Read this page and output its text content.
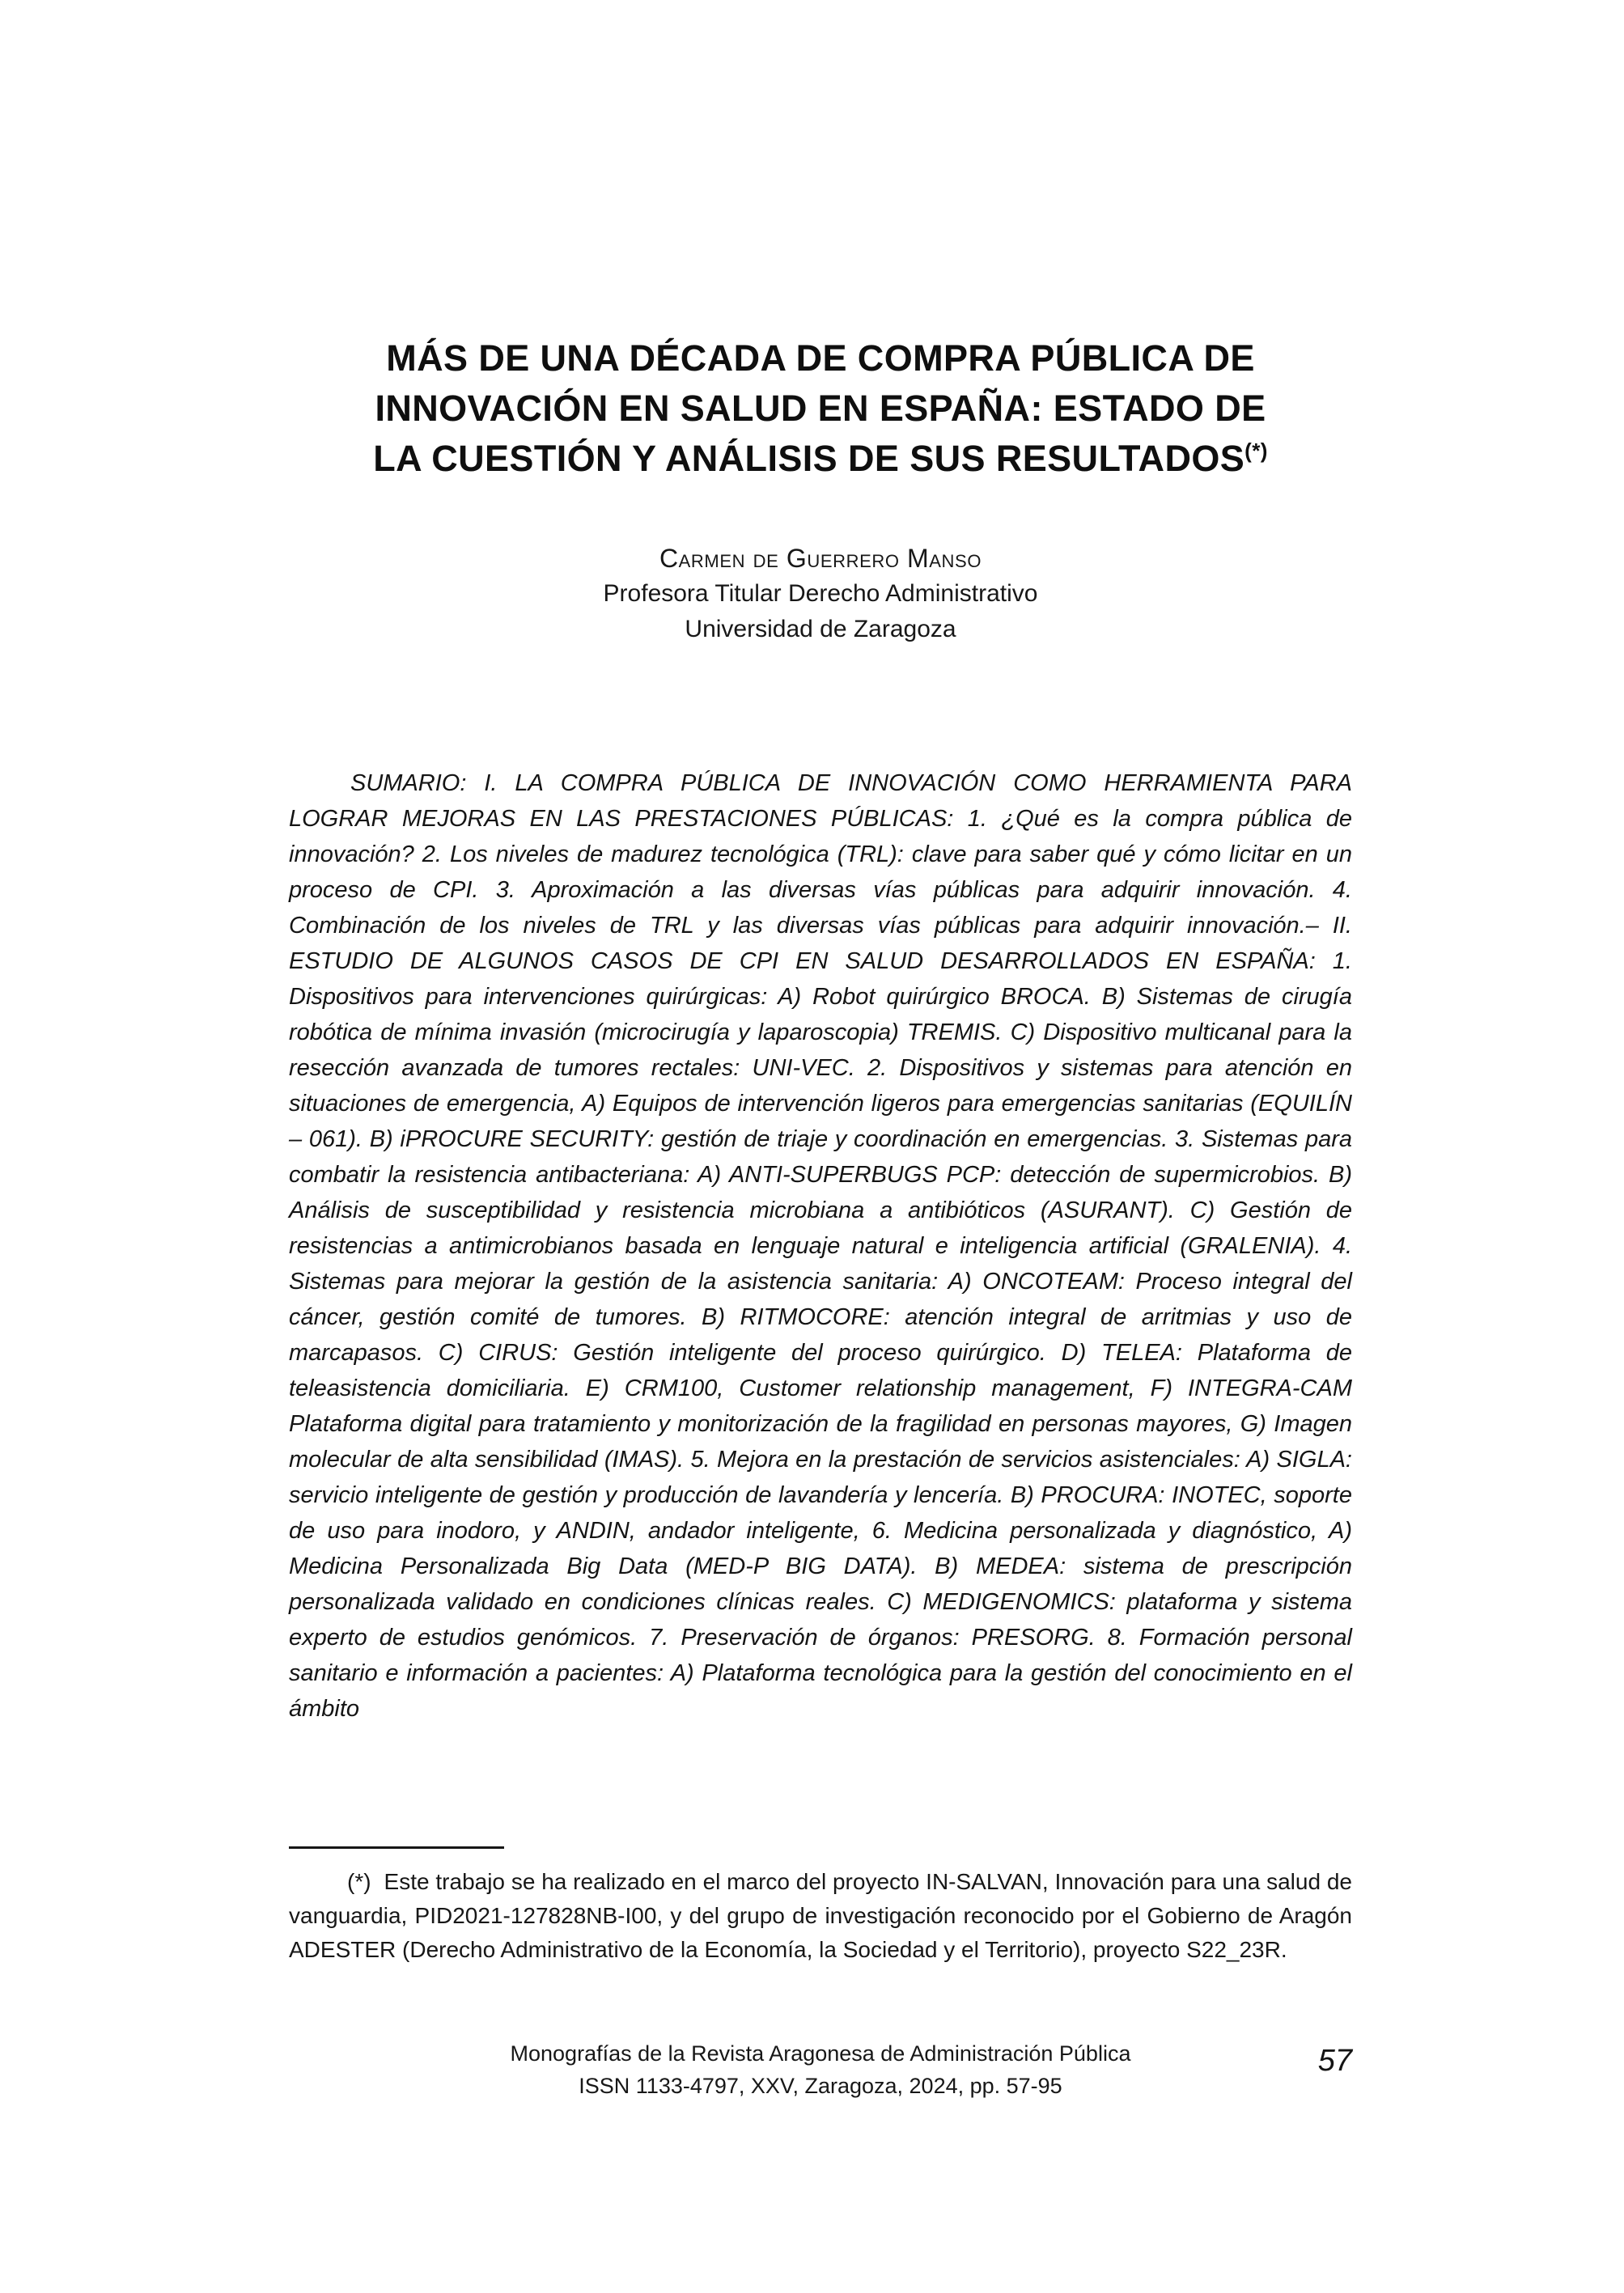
MÁS DE UNA DÉCADA DE COMPRA PÚBLICA DE
INNOVACIÓN EN SALUD EN ESPAÑA: ESTADO DE
LA CUESTIÓN Y ANÁLISIS DE SUS RESULTADOS(*)
Carmen de Guerrero Manso
Profesora Titular Derecho Administrativo
Universidad de Zaragoza

SUMARIO: I. LA COMPRA PÚBLICA DE INNOVACIÓN COMO HERRAMIENTA PARA LOGRAR MEJORAS EN LAS PRESTACIONES PÚBLICAS: 1. ¿Qué es la compra pública de innovación? 2. Los niveles de madurez tecnológica (TRL): clave para saber qué y cómo licitar en un proceso de CPI. 3. Aproximación a las diversas vías públicas para adquirir innovación. 4. Combinación de los niveles de TRL y las diversas vías públicas para adquirir innovación.– II. ESTUDIO DE ALGUNOS CASOS DE CPI EN SALUD DESARROLLADOS EN ESPAÑA: 1. Dispositivos para intervenciones quirúrgicas: A) Robot quirúrgico BROCA. B) Sistemas de cirugía robótica de mínima invasión (microcirugía y laparoscopia) TREMIS. C) Dispositivo multicanal para la resección avanzada de tumores rectales: UNI-VEC. 2. Dispositivos y sistemas para atención en situaciones de emergencia, A) Equipos de intervención ligeros para emergencias sanitarias (EQUILÍN – 061). B) iPROCURE SECURITY: gestión de triaje y coordinación en emergencias. 3. Sistemas para combatir la resistencia antibacteriana: A) ANTI-SUPERBUGS PCP: detección de supermicrobios. B) Análisis de susceptibilidad y resistencia microbiana a antibióticos (ASURANT). C) Gestión de resistencias a antimicrobianos basada en lenguaje natural e inteligencia artificial (GRALENIA). 4. Sistemas para mejorar la gestión de la asistencia sanitaria: A) ONCOTEAM: Proceso integral del cáncer, gestión comité de tumores. B) RITMOCORE: atención integral de arritmias y uso de marcapasos. C) CIRUS: Gestión inteligente del proceso quirúrgico. D) TELEA: Plataforma de teleasistencia domiciliaria. E) CRM100, Customer relationship management, F) INTEGRA-CAM Plataforma digital para tratamiento y monitorización de la fragilidad en personas mayores, G) Imagen molecular de alta sensibilidad (IMAS). 5. Mejora en la prestación de servicios asistenciales: A) SIGLA: servicio inteligente de gestión y producción de lavandería y lencería. B) PROCURA: INOTEC, soporte de uso para inodoro, y ANDIN, andador inteligente, 6. Medicina personalizada y diagnóstico, A) Medicina Personalizada Big Data (MED-P BIG DATA). B) MEDEA: sistema de prescripción personalizada validado en condiciones clínicas reales. C) MEDIGENOMICS: plataforma y sistema experto de estudios genómicos. 7. Preservación de órganos: PRESORG. 8. Formación personal sanitario e información a pacientes: A) Plataforma tecnológica para la gestión del conocimiento en el ámbito

(*) Este trabajo se ha realizado en el marco del proyecto IN-SALVAN, Innovación para una salud de vanguardia, PID2021-127828NB-I00, y del grupo de investigación reconocido por el Gobierno de Aragón ADESTER (Derecho Administrativo de la Economía, la Sociedad y el Territorio), proyecto S22_23R.

Monografías de la Revista Aragonesa de Administración Pública
ISSN 1133-4797, XXV, Zaragoza, 2024, pp. 57-95
57
